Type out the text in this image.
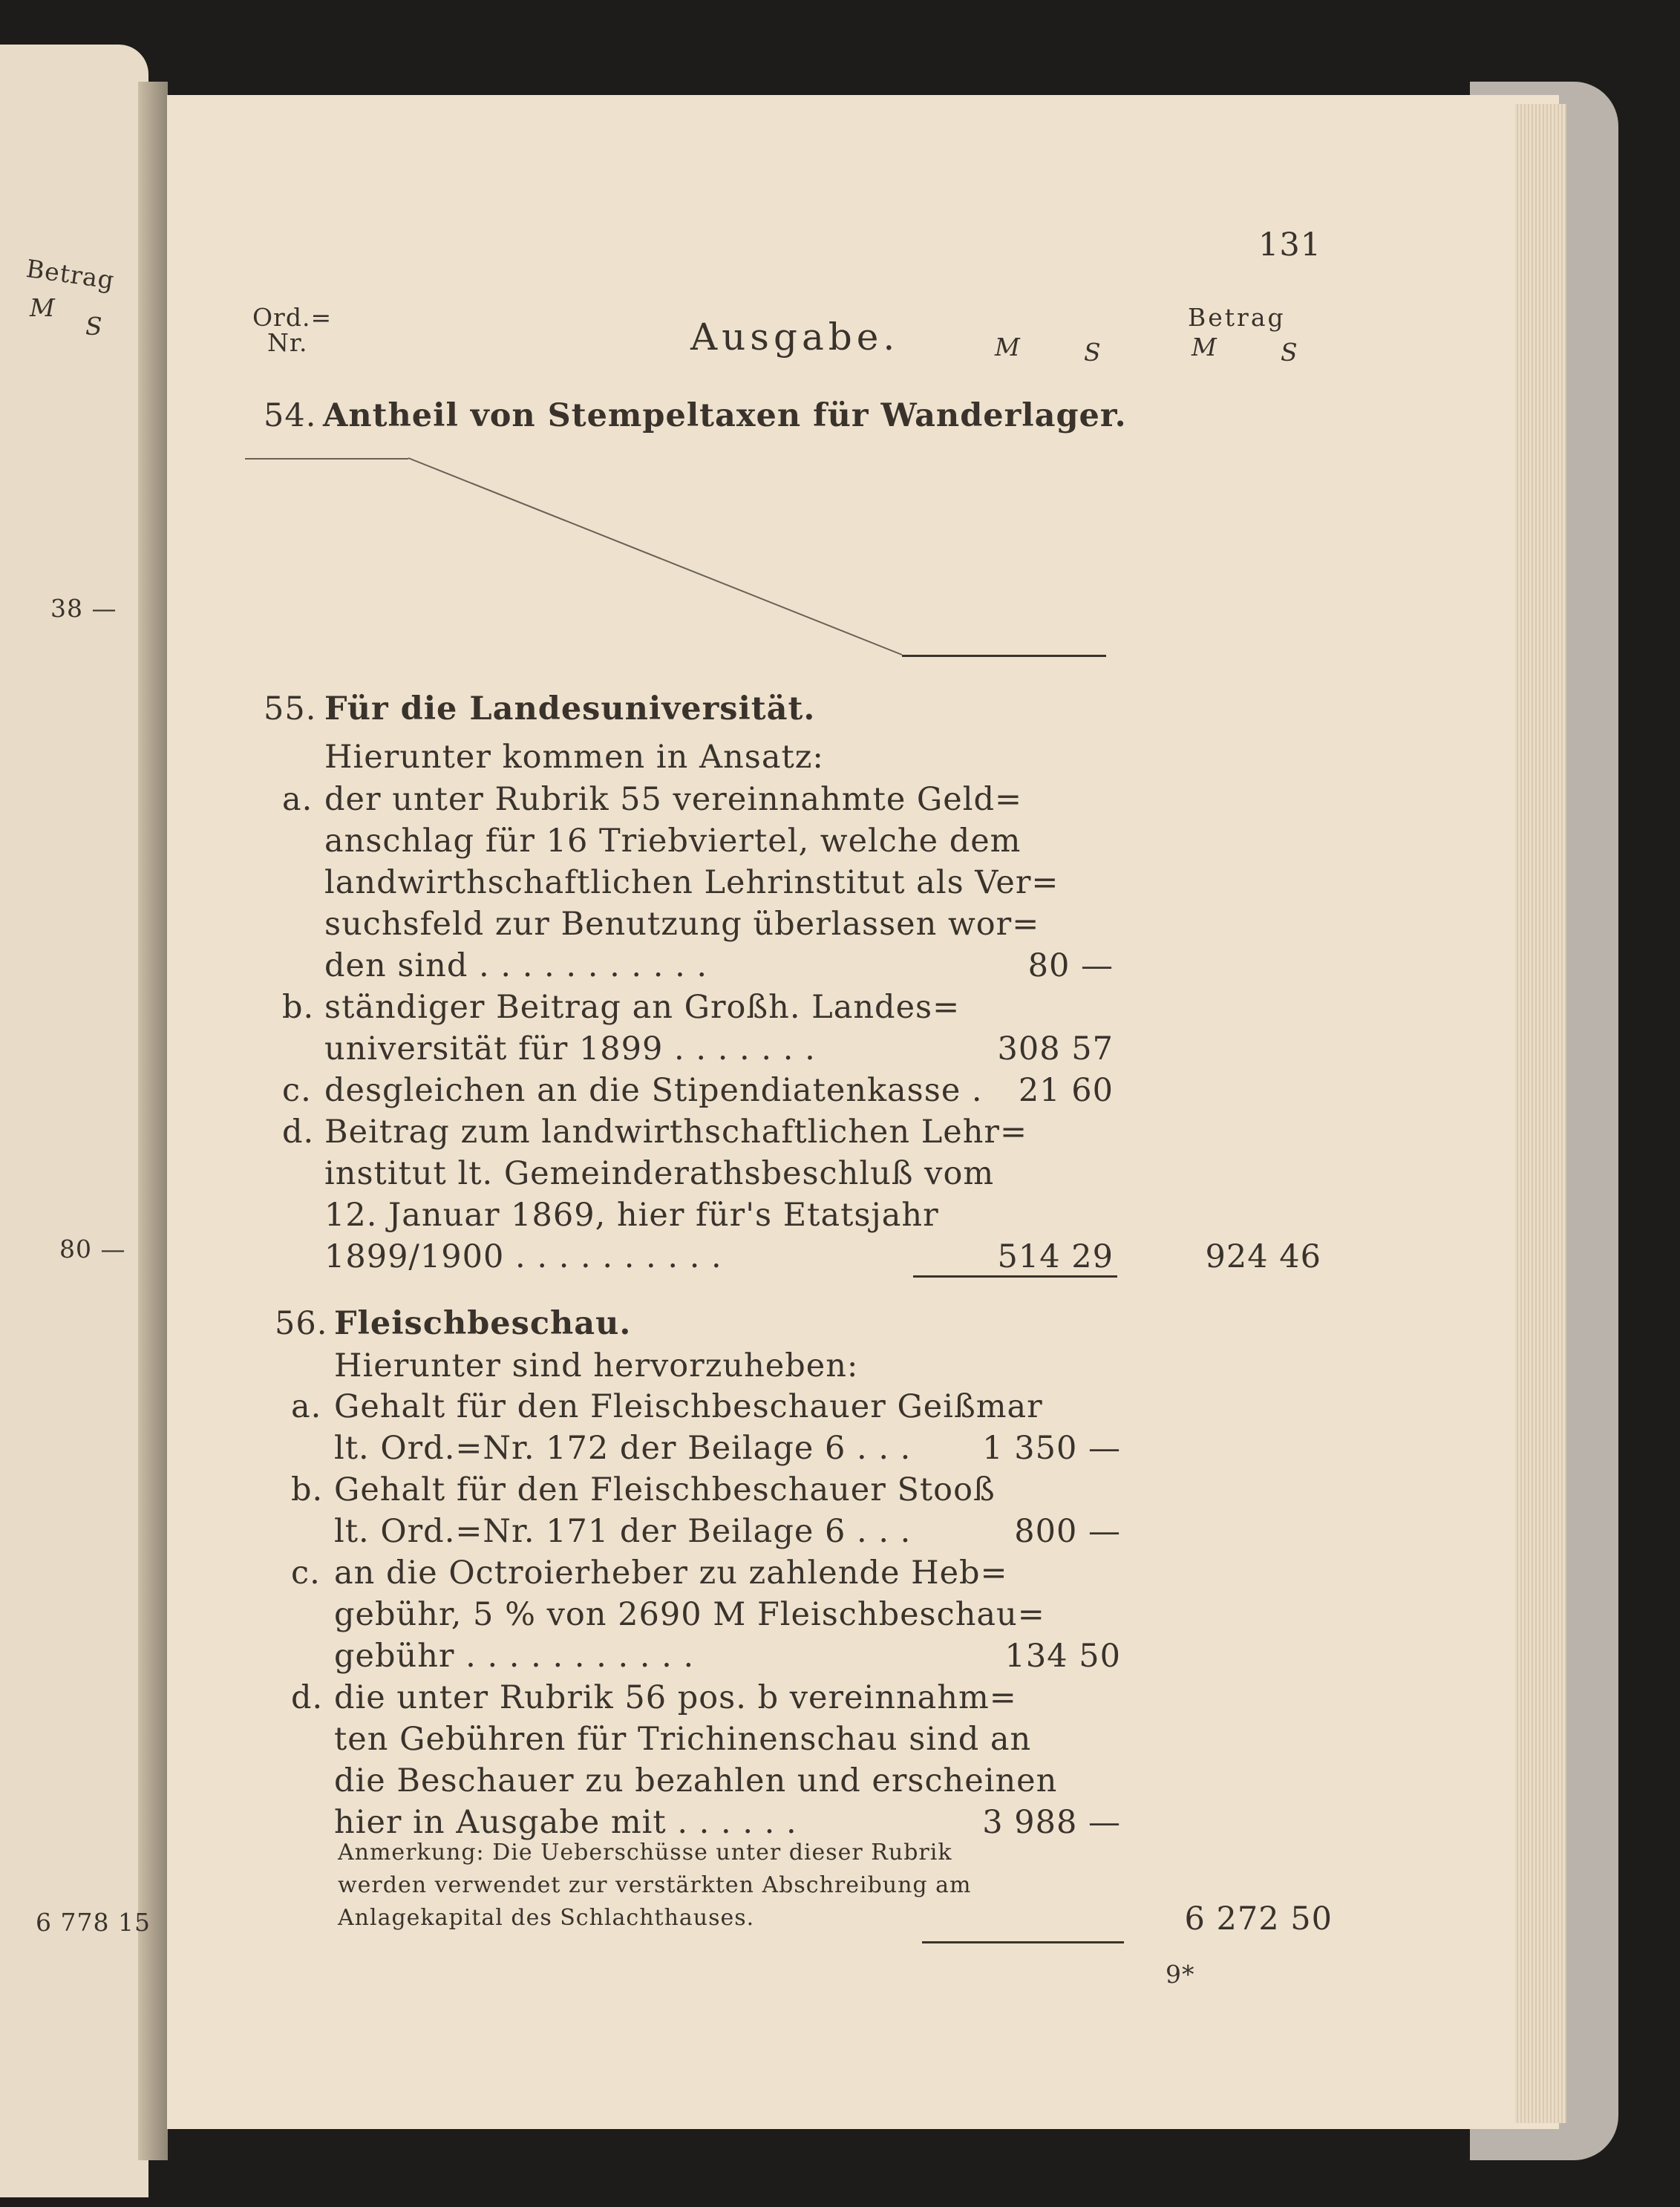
Betrag
M
S
38 —
80 —
6 778 15
131
Ord.=
Nr.	Ausgabe.	M	S
Betrag
M	S
54. Antheil von Stempeltaxen für Wanderlager.
55. Für die Landesuniversität.
Hierunter kommen in Ansatz:
a. der unter Rubrik 55 vereinnahmte Geld=
anschlag für 16 Triebviertel, welche dem
landwirthschaftlichen Lehrinstitut als Ver=
suchsfeld zur Benutzung überlassen wor=
den sind . . . . . . . . . . .	80 —
b. ständiger Beitrag an Großh. Landes=
universität für 1899 . . . . . . .	308 57
c. desgleichen an die Stipendiatenkasse .	21 60
d. Beitrag zum landwirthschaftlichen Lehr=
institut lt. Gemeinderathsbeschluß vom
12. Januar 1869, hier für's Etatsjahr
1899/1900 . . . . . . . . . .	514 29	924 46
56. Fleischbeschau.
Hierunter sind hervorzuheben:
a. Gehalt für den Fleischbeschauer Geißmar
lt. Ord.=Nr. 172 der Beilage 6 . . .	1 350 —
b. Gehalt für den Fleischbeschauer Stooß
lt. Ord.=Nr. 171 der Beilage 6 . . .	800 —
c. an die Octroierheber zu zahlende Heb=
gebühr, 5 % von 2690 M Fleischbeschau=
gebühr . . . . . . . . . . .	134 50
d. die unter Rubrik 56 pos. b vereinnahm=
ten Gebühren für Trichinenschau sind an
die Beschauer zu bezahlen und erscheinen
hier in Ausgabe mit . . . . . .	3 988 —
Anmerkung: Die Ueberschüsse unter dieser Rubrik
werden verwendet zur verstärkten Abschreibung am
Anlagekapital des Schlachthauses.	6 272 50
9*
